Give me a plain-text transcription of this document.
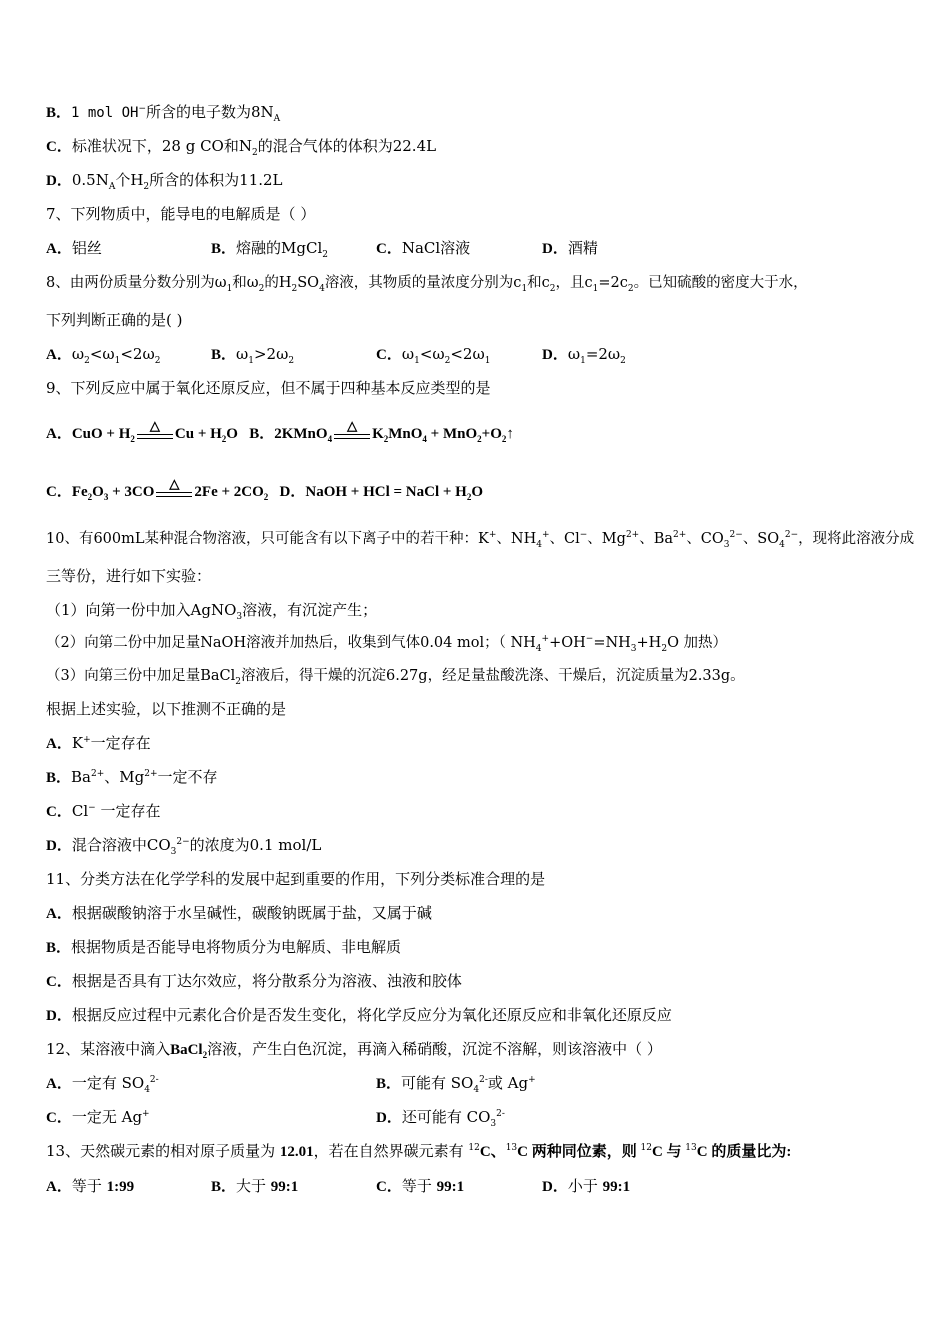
B．1 mol OH−所含的电子数为$8N_A$
C．标准状况下，28 g CO和$N_2$的混合气体的体积为22.4L
D．$0.5N_A$个$H_2$所含的体积为11.2L
7、下列物质中，能导电的电解质是（ ）
A．铝丝	B．熔融的MgCl$_2$	C．NaCl溶液	D．酒精
8、由两份质量分数分别为$\omega_1$和$\omega_2$的$H_2SO_4$溶液，其物质的量浓度分别为$c_1$和$c_2$，且$c_1=2c_2$。已知硫酸的密度大于水，
下列判断正确的是( )
A．$\omega_2<\omega_1<2\omega_2$	B．$\omega_1>2\omega_2$	C．$\omega_1<\omega_2<2\omega_1$	D．$\omega_1=2\omega_2$
9、下列反应中属于氧化还原反应，但不属于四种基本反应类型的是
A．CuO + $H_2$
△
$Cu + H_2O$ B．2KMnO$_4$
△
$K_2MnO_4$ + $MnO_2+O_2↑$
C．$Fe_2O_3 + 3CO$
△
$2Fe + 2CO_2$ D．NaOH + HCl = NaCl + $H_2O$
10、有600mL某种混合物溶液，只可能含有以下离子中的若干种：K+、$NH_4^+$、Cl−、$Mg^{2+}$、$Ba^{2+}$、$CO_3^{2-}$、$SO_4^{2-}$，现将此溶液分成
三等份，进行如下实验：
（1）向第一份中加入AgNO$_3$溶液，有沉淀产生；
（2）向第二份中加足量NaOH溶液并加热后，收集到气体0.04 mol；（ $NH_4^++OH^-=NH_3+H_2O$ 加热）
（3）向第三份中加足量BaCl$_2$溶液后，得干燥的沉淀6.27g，经足量盐酸洗涤、干燥后，沉淀质量为2.33g。
根据上述实验，以下推测不正确的是
A．K+一定存在
B．$Ba^{2+}$、$Mg^{2+}$一定不存
C．Cl− 一定存在
D．混合溶液中$CO_3^{2-}$的浓度为0.1 mol/L
11、分类方法在化学学科的发展中起到重要的作用，下列分类标准合理的是
A．根据碳酸钠溶于水呈碱性，碳酸钠既属于盐，又属于碱
B．根据物质是否能导电将物质分为电解质、非电解质
C．根据是否具有丁达尔效应，将分散系分为溶液、浊液和胶体
D．根据反应过程中元素化合价是否发生变化，将化学反应分为氧化还原反应和非氧化还原反应
12、某溶液中滴入BaCl$_2$溶液，产生白色沉淀，再滴入稀硝酸，沉淀不溶解，则该溶液中（ ）
A．一定有 $SO_4^{2-}$	B．可能有 $SO_4^{2-}$或 Ag+
C．一定无 Ag+	D．还可能有 $CO_3^{2-}$
13、天然碳元素的相对原子质量为 12.01，若在自然界碳元素有 $^{12}$C、$^{13}$C 两种同位素，则 $^{12}$C 与 $^{13}$C 的质量比为:
A．等于 1:99	B．大于 99:1	C．等于 99:1	D．小于 99:1
